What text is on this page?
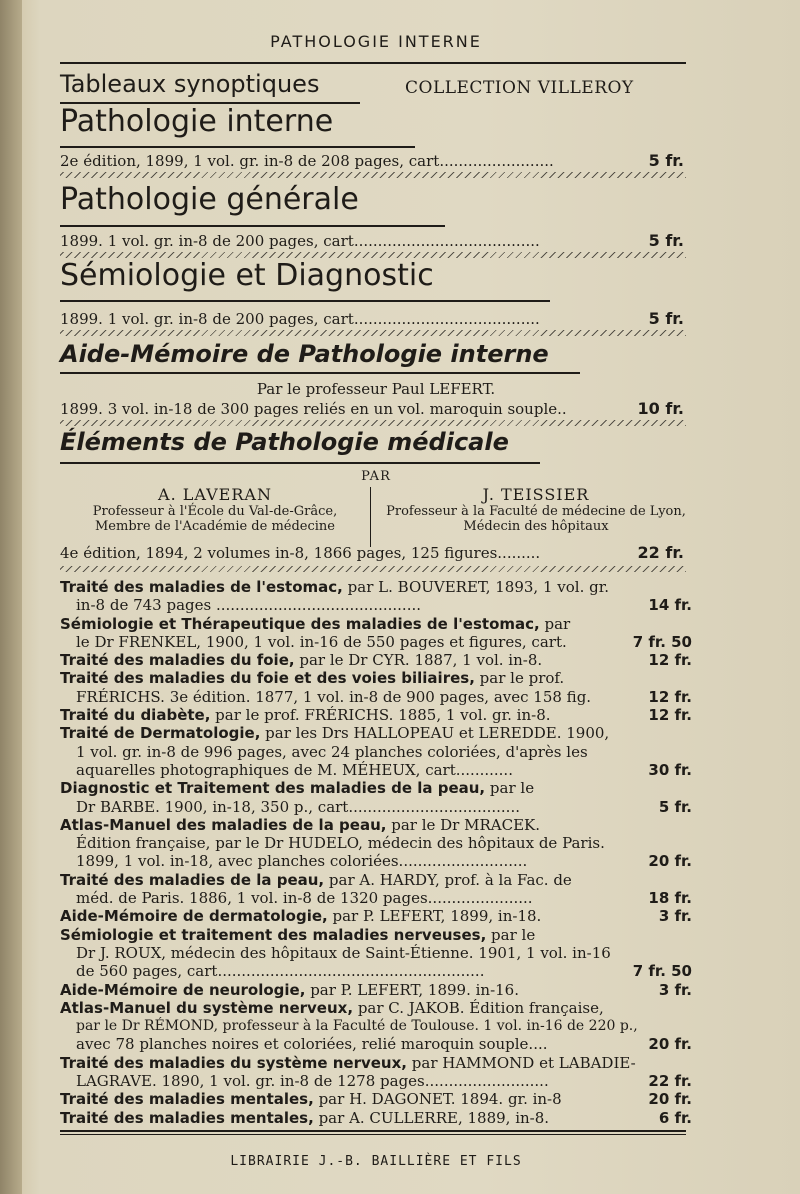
PATHOLOGIE INTERNE
Tableaux synoptiques	COLLECTION VILLEROY
Pathologie interne
2e édition, 1899, 1 vol. gr. in-8 de 208 pages, cart........................	5 fr.
Pathologie générale
1899. 1 vol. gr. in-8 de 200 pages, cart.......................................	5 fr.
Sémiologie et Diagnostic
1899. 1 vol. gr. in-8 de 200 pages, cart.......................................	5 fr.
Aide-Mémoire de Pathologie interne
Par le professeur Paul LEFERT.
1899. 3 vol. in-18 de 300 pages reliés en un vol. maroquin souple..	10 fr.
Éléments de Pathologie médicale
PAR
A. LAVERAN
Professeur à l'École du Val-de-Grâce,
Membre de l'Académie de médecine
J. TEISSIER
Professeur à la Faculté de médecine de Lyon,
Médecin des hôpitaux
4e édition, 1894, 2 volumes in-8, 1866 pages, 125 figures.........	22 fr.
Traité des maladies de l'estomac, par L. BOUVERET, 1893, 1 vol. gr.
in-8 de 743 pages ...........................................	14 fr.
Sémiologie et Thérapeutique des maladies de l'estomac, par
le Dr FRENKEL, 1900, 1 vol. in-16 de 550 pages et figures, cart.	7 fr. 50
Traité des maladies du foie, par le Dr CYR. 1887, 1 vol. in-8.	12 fr.
Traité des maladies du foie et des voies biliaires, par le prof.
FRÉRICHS. 3e édition. 1877, 1 vol. in-8 de 900 pages, avec 158 fig.	12 fr.
Traité du diabète, par le prof. FRÉRICHS. 1885, 1 vol. gr. in-8.	12 fr.
Traité de Dermatologie, par les Drs HALLOPEAU et LEREDDE. 1900,
1 vol. gr. in-8 de 996 pages, avec 24 planches coloriées, d'après les
aquarelles photographiques de M. MÉHEUX, cart............	30 fr.
Diagnostic et Traitement des maladies de la peau, par le
Dr BARBE. 1900, in-18, 350 p., cart....................................	5 fr.
Atlas-Manuel des maladies de la peau, par le Dr MRACEK.
Édition française, par le Dr HUDELO, médecin des hôpitaux de Paris.
1899, 1 vol. in-18, avec planches coloriées...........................	20 fr.
Traité des maladies de la peau, par A. HARDY, prof. à la Fac. de
méd. de Paris. 1886, 1 vol. in-8 de 1320 pages......................	18 fr.
Aide-Mémoire de dermatologie, par P. LEFERT, 1899, in-18.	3 fr.
Sémiologie et traitement des maladies nerveuses, par le
Dr J. ROUX, médecin des hôpitaux de Saint-Étienne. 1901, 1 vol. in-16
de 560 pages, cart........................................................	7 fr. 50
Aide-Mémoire de neurologie, par P. LEFERT, 1899. in-16.	3 fr.
Atlas-Manuel du système nerveux, par C. JAKOB. Édition française,
par le Dr RÉMOND, professeur à la Faculté de Toulouse. 1 vol. in-16 de 220 p.,
avec 78 planches noires et coloriées, relié maroquin souple....	20 fr.
Traité des maladies du système nerveux, par HAMMOND et LABADIE-
LAGRAVE. 1890, 1 vol. gr. in-8 de 1278 pages..........................	22 fr.
Traité des maladies mentales, par H. DAGONET. 1894. gr. in-8	20 fr.
Traité des maladies mentales, par A. CULLERRE, 1889, in-8.	6 fr.
LIBRAIRIE J.-B. BAILLIÈRE ET FILS
